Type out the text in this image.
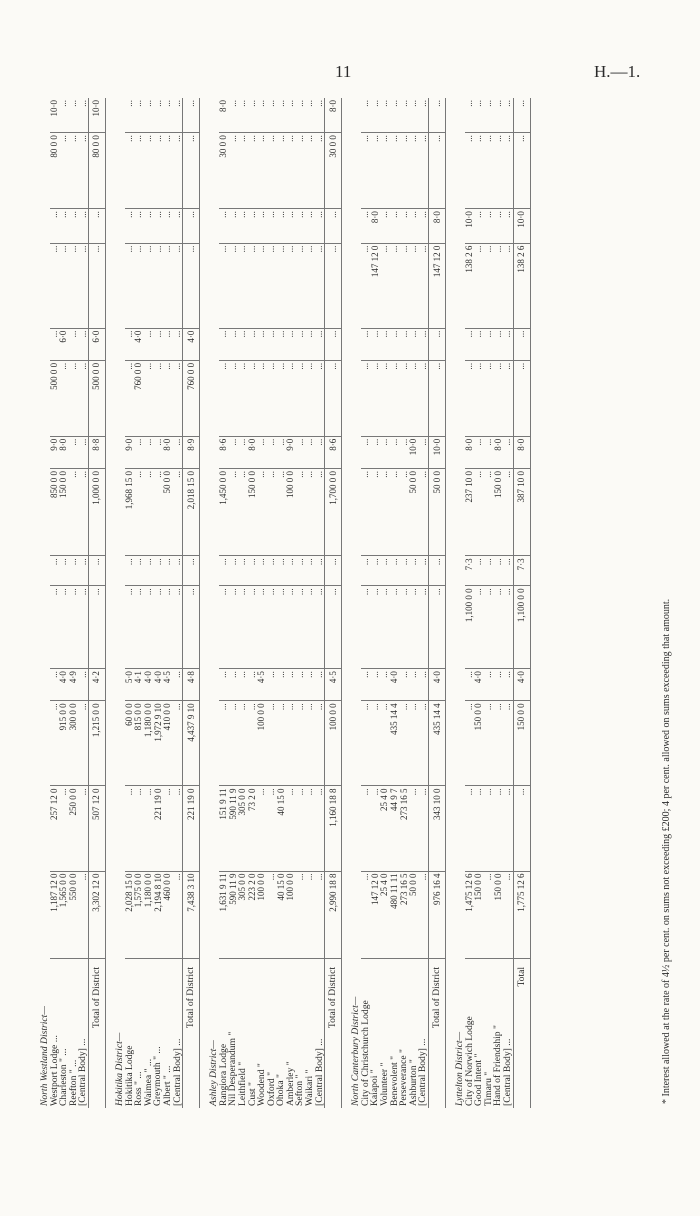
11	H.—1.
North Westland District—														
Westport Lodge ...	1,187 12 0	257 12 0	...	...	...	...	850 0 0	9·0	500 0 0	...	...	...	80 0 0	10·0
Charleston " ...	1,565 0 0	...	915 0 0	4·0	...	...	150 0 0	8·0	...	6·0	...	...	...	...
Reefton " ...	550 0 0	250 0 0	300 0 0	4·9	...	...	...	...	...	...	...	...	...	...
[Central Body] ...	...	...	...	...	...	...	...	...	...	...	...	...	...	...
Total of District	3,302 12 0	507 12 0	1,215 0 0	4·2	...	...	1,000 0 0	8·8	500 0 0	6·0	...	...	80 0 0	10·0

Hokitika District—														
Hokitika Lodge	2,028 15 0	...	60 0 0	5·0	...	...	1,968 15 0	9·0	...	...	...	...	...	...
Ross " ...	1,575 0 0	...	815 0 0	4·1	...	...	...	...	760 0 0	4·0	...	...	...	...
Waimea " ...	1,180 0 0	...	1,180 0 0	4·0	...	...	...	...	...	...	...	...	...	...
Greymouth " ...	2,194 8 10	221 19 0	1,972 9 10	4·0	...	...	...	...	...	...	...	...	...	...
Albert " ...	460 0 0	...	410 0 0	4·5	...	...	50 0 0	8·0	...	...	...	...	...	...
[Central Body] ...	...	...	...	...	...	...	...	...	...	...	...	...	...	...
Total of District	7,438 3 10	221 19 0	4,437 9 10	4·8	...	...	2,018 15 0	8·9	760 0 0	4·0	...	...	...	...

Ashley District—														
Rangiora Lodge	1,631 9 11	151 9 11	...	...	...	...	1,450 0 0	8·6	...	...	...	...	30 0 0	8·0
Nil Desperandum "	590 11 9	590 11 9	...	...	...	...	...	...	...	...	...	...	...	...
Leithfield "	305 0 0	305 0 0	...	...	...	...	...	...	...	...	...	...	...	...
Cust "	223 2 0	73 2 0	...	...	...	...	150 0 0	8·0	...	...	...	...	...	...
Woodend "	100 0 0	...	100 0 0	4·5	...	...	...	...	...	...	...	...	...	...
Oxford "	...	...	...	...	...	...	...	...	...	...	...	...	...	...
Ohoka "	40 15 0	40 15 0	...	...	...	...	...	...	...	...	...	...	...	...
Amberley "	100 0 0	...	...	...	...	...	100 0 0	9·0	...	...	...	...	...	...
Sefton "	...	...	...	...	...	...	...	...	...	...	...	...	...	...
Waikari "	...	...	...	...	...	...	...	...	...	...	...	...	...	...
[Central Body] ...	...	...	...	...	...	...	...	...	...	...	...	...	...	...
Total of District	2,990 18 8	1,160 18 8	100 0 0	4·5	...	...	1,700 0 0	8·6	...	...	...	...	30 0 0	8·0

North Canterbury District—														
City of Christchurch Lodge	...	...	...	...	...	...	...	...	...	...	...	...	...	...
Kaiapoi "	147 12 0	...	...	...	...	...	...	...	...	...	147 12 0	8·0	...	...
Volunteer "	25 4 0	25 4 0	...	...	...	...	...	...	...	...	...	...	...	...
Benevolent "	480 11 11	44 9 7	435 14 4	4·0	...	...	...	...	...	...	...	...	...	...
Perseverance "	273 16 5	273 16 5	...	...	...	...	...	...	...	...	...	...	...	...
Ashburton "	50 0 0	...	...	...	...	...	50 0 0	10·0	...	...	...	...	...	...
[Central Body] ...	...	...	...	...	...	...	...	...	...	...	...	...	...	...
Total of District	976 16 4	343 10 0	435 14 4	4·0	...	...	50 0 0	10·0	...	...	147 12 0	8·0	...	...

Lyttelton District—														
City of Norwich Lodge	1,475 12 6	...	...	...	1,100 0 0	7·3	237 10 0	8·0	...	...	138 2 6	10·0	...	...
Good Intent "	150 0 0	...	150 0 0	4·0	...	...	...	...	...	...	...	...	...	...
Timaru "	...	...	...	...	...	...	...	...	...	...	...	...	...	...
Hand of Friendship "	150 0 0	...	...	...	...	...	150 0 0	8·0	...	...	...	...	...	...
[Central Body] ...	...	...	...	...	...	...	...	...	...	...	...	...	...	...
Total	1,775 12 6	...	150 0 0	4·0	1,100 0 0	7·3	387 10 0	8·0	...	...	138 2 6	10·0	...	...
* Interest allowed at the rate of 4½ per cent. on sums not exceeding £200; 4 per cent. allowed on sums exceeding that amount.
